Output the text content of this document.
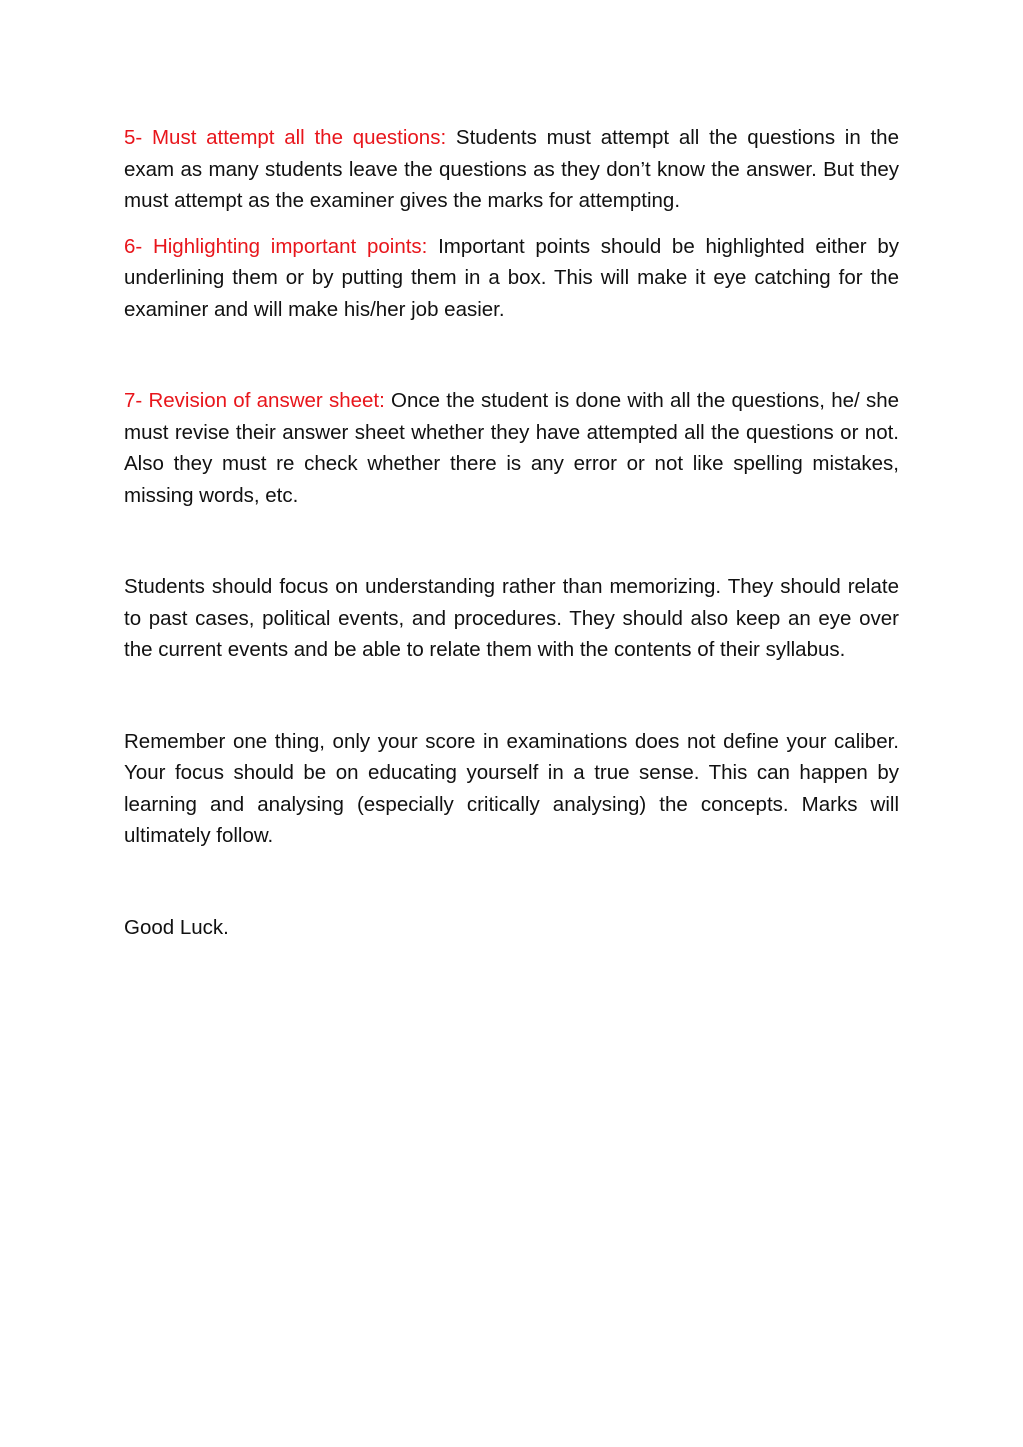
5- Must attempt all the questions: Students must attempt all the questions in the exam as many students leave the questions as they don’t know the answer. But they must attempt as the examiner gives the marks for attempting.

6- Highlighting important points: Important points should be highlighted either by underlining them or by putting them in a box. This will make it eye catching for the examiner and will make his/her job easier.

7- Revision of answer sheet: Once the student is done with all the questions, he/ she must revise their answer sheet whether they have attempted all the questions or not. Also they must re check whether there is any error or not like spelling mistakes, missing words, etc.

Students should focus on understanding rather than memorizing. They should relate to past cases, political events, and procedures. They should also keep an eye over the current events and be able to relate them with the contents of their syllabus.

Remember one thing, only your score in examinations does not define your caliber. Your focus should be on educating yourself in a true sense. This can happen by learning and analysing (especially critically analysing) the concepts. Marks will ultimately follow.

Good Luck.
